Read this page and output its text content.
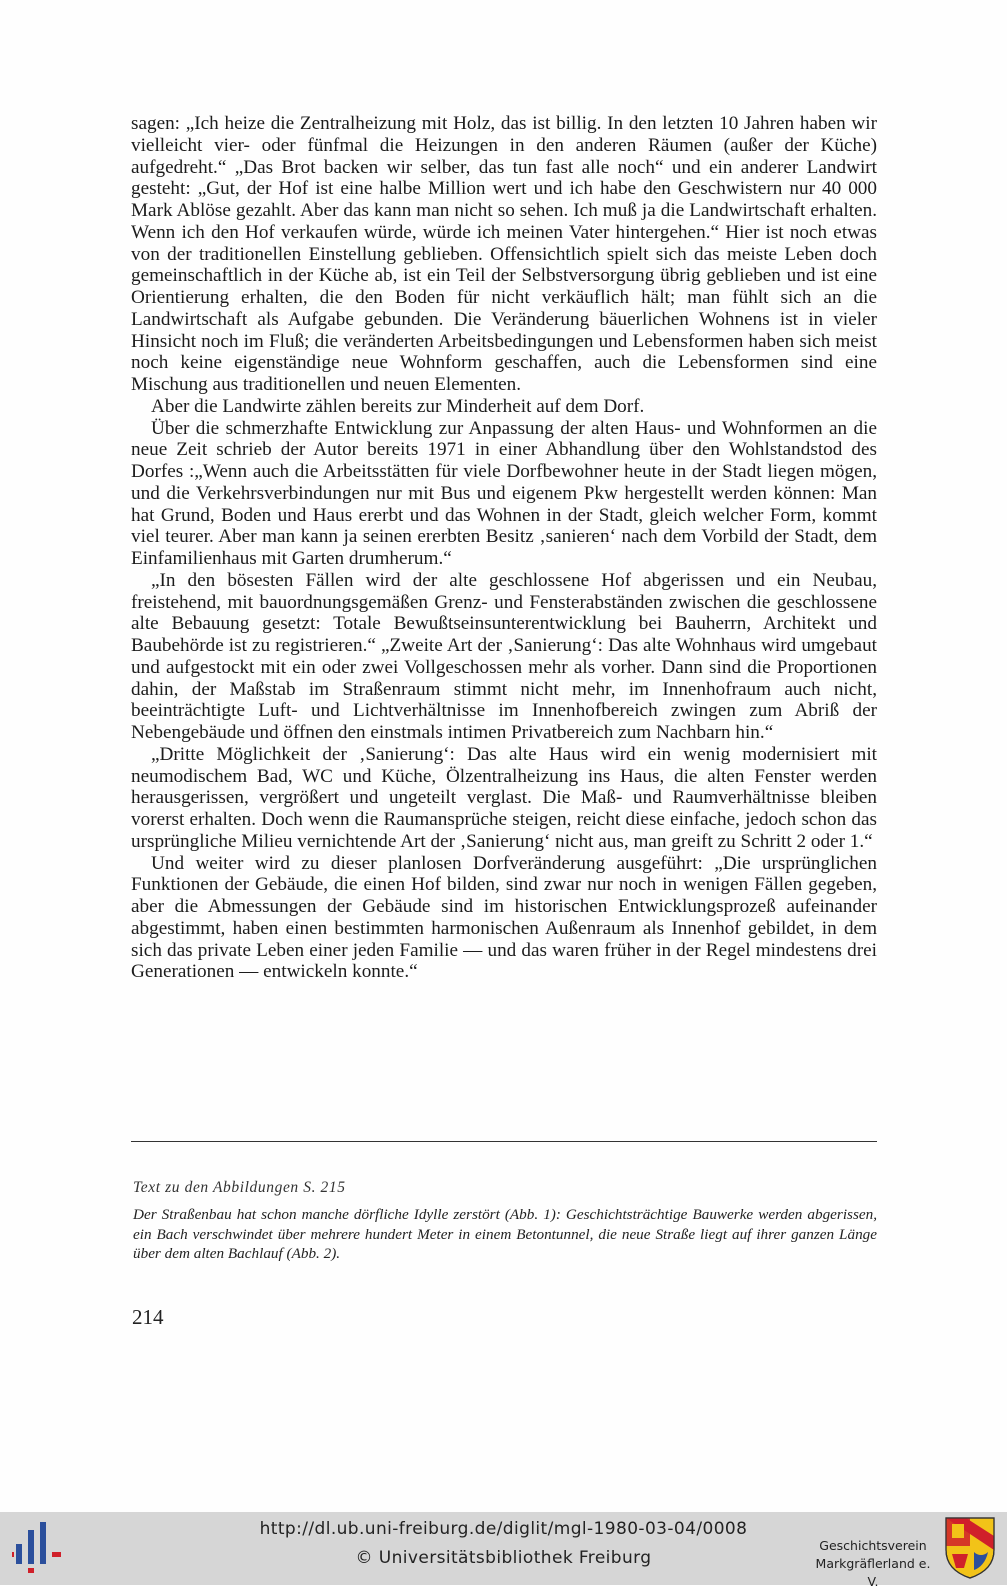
sagen: „Ich heize die Zentralheizung mit Holz, das ist billig. In den letzten 10 Jahren haben wir vielleicht vier- oder fünfmal die Heizungen in den anderen Räumen (außer der Küche) aufgedreht.“ „Das Brot backen wir selber, das tun fast alle noch“ und ein anderer Landwirt gesteht: „Gut, der Hof ist eine halbe Million wert und ich habe den Geschwistern nur 40 000 Mark Ablöse gezahlt. Aber das kann man nicht so sehen. Ich muß ja die Landwirtschaft erhalten. Wenn ich den Hof verkaufen würde, würde ich meinen Vater hintergehen.“ Hier ist noch etwas von der traditionellen Einstellung geblieben. Offensichtlich spielt sich das meiste Leben doch gemeinschaftlich in der Küche ab, ist ein Teil der Selbstversorgung übrig geblieben und ist eine Orientierung erhalten, die den Boden für nicht verkäuflich hält; man fühlt sich an die Landwirtschaft als Aufgabe gebunden. Die Veränderung bäuerlichen Wohnens ist in vieler Hinsicht noch im Fluß; die veränderten Arbeitsbedingungen und Lebensformen haben sich meist noch keine eigenständige neue Wohnform geschaffen, auch die Lebensformen sind eine Mischung aus traditionellen und neuen Elementen.

Aber die Landwirte zählen bereits zur Minderheit auf dem Dorf.

Über die schmerzhafte Entwicklung zur Anpassung der alten Haus- und Wohnformen an die neue Zeit schrieb der Autor bereits 1971 in einer Abhandlung über den Wohlstandstod des Dorfes :„Wenn auch die Arbeitsstätten für viele Dorfbewohner heute in der Stadt liegen mögen, und die Verkehrsverbindungen nur mit Bus und eigenem Pkw hergestellt werden können: Man hat Grund, Boden und Haus ererbt und das Wohnen in der Stadt, gleich welcher Form, kommt viel teurer. Aber man kann ja seinen ererbten Besitz ‚sanieren‘ nach dem Vorbild der Stadt, dem Einfamilienhaus mit Garten drumherum.“

„In den bösesten Fällen wird der alte geschlossene Hof abgerissen und ein Neubau, freistehend, mit bauordnungsgemäßen Grenz- und Fensterabständen zwischen die geschlossene alte Bebauung gesetzt: Totale Bewußtseinsunterentwicklung bei Bauherrn, Architekt und Baubehörde ist zu registrieren.“ „Zweite Art der ‚Sanierung‘: Das alte Wohnhaus wird umgebaut und aufgestockt mit ein oder zwei Vollgeschossen mehr als vorher. Dann sind die Proportionen dahin, der Maßstab im Straßenraum stimmt nicht mehr, im Innenhofraum auch nicht, beeinträchtigte Luft- und Lichtverhältnisse im Innenhofbereich zwingen zum Abriß der Nebengebäude und öffnen den einstmals intimen Privatbereich zum Nachbarn hin.“

„Dritte Möglichkeit der ‚Sanierung‘: Das alte Haus wird ein wenig modernisiert mit neumodischem Bad, WC und Küche, Ölzentralheizung ins Haus, die alten Fenster werden herausgerissen, vergrößert und ungeteilt verglast. Die Maß- und Raumverhältnisse bleiben vorerst erhalten. Doch wenn die Raumansprüche steigen, reicht diese einfache, jedoch schon das ursprüngliche Milieu vernichtende Art der ‚Sanierung‘ nicht aus, man greift zu Schritt 2 oder 1.“

Und weiter wird zu dieser planlosen Dorfveränderung ausgeführt: „Die ursprünglichen Funktionen der Gebäude, die einen Hof bilden, sind zwar nur noch in wenigen Fällen gegeben, aber die Abmessungen der Gebäude sind im historischen Entwicklungsprozeß aufeinander abgestimmt, haben einen bestimmten harmonischen Außenraum als Innenhof gebildet, in dem sich das private Leben einer jeden Familie — und das waren früher in der Regel mindestens drei Generationen — entwickeln konnte.“

Text zu den Abbildungen S. 215
Der Straßenbau hat schon manche dörfliche Idylle zerstört (Abb. 1): Geschichtsträchtige Bauwerke werden abgerissen, ein Bach verschwindet über mehrere hundert Meter in einem Betontunnel, die neue Straße liegt auf ihrer ganzen Länge über dem alten Bachlauf (Abb. 2).
214
http://dl.ub.uni-freiburg.de/diglit/mgl-1980-03-04/0008
© Universitätsbibliothek Freiburg
Geschichtsverein
Markgräflerland e. V.
